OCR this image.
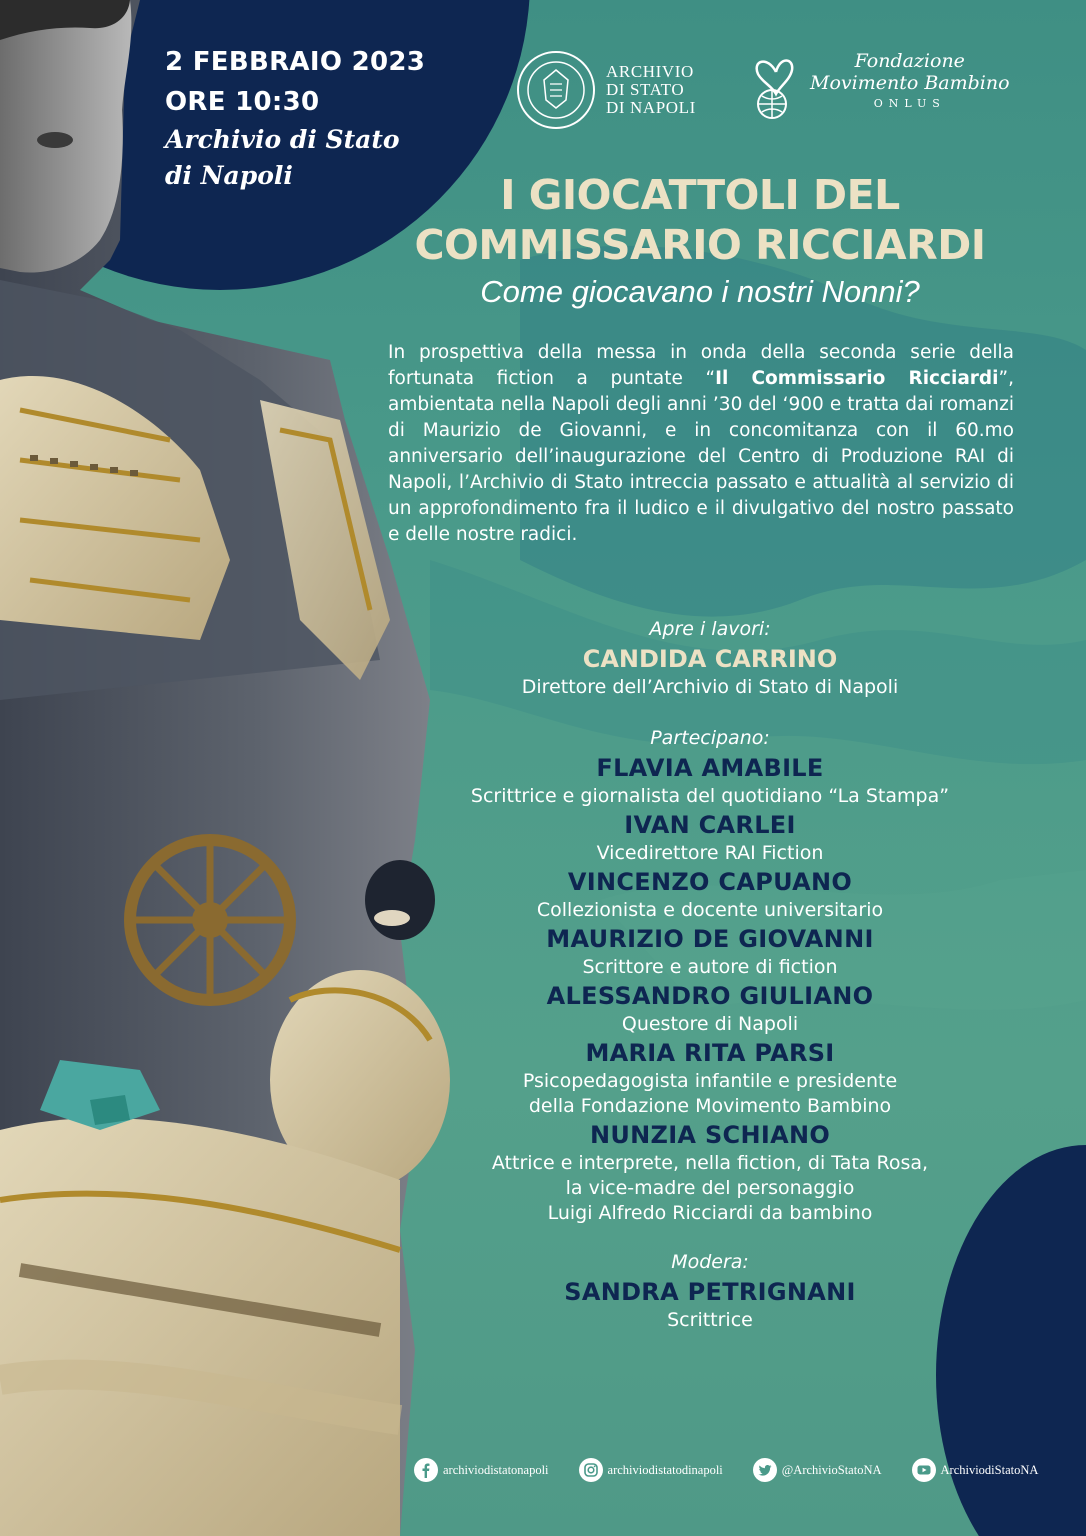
2 FEBBRAIO 2023
ORE 10:30
Archivio di Stato
di Napoli
ARCHIVIO
DI STATO
DI NAPOLI
Fondazione
Movimento Bambino
ONLUS
I GIOCATTOLI DEL
COMMISSARIO RICCIARDI
Come giocavano i nostri Nonni?
In prospettiva della messa in onda della seconda serie della fortunata fiction a puntate “Il Commissario Ricciardi”, ambientata nella Napoli degli anni ’30 del ‘900 e tratta dai romanzi di Maurizio de Giovanni, e in concomitanza con il 60.mo anniversario dell’inaugurazione del Centro di Produzione RAI di Napoli, l’Archivio di Stato intreccia passato e attualità al servizio di un approfondimento fra il ludico e il divulgativo del nostro passato e delle nostre radici.
Apre i lavori:
CANDIDA CARRINO
Direttore dell’Archivio di Stato di Napoli
Partecipano:
FLAVIA AMABILE
Scrittrice e giornalista del quotidiano “La Stampa”
IVAN CARLEI
Vicedirettore RAI Fiction
VINCENZO CAPUANO
Collezionista e docente universitario
MAURIZIO DE GIOVANNI
Scrittore e autore di fiction
ALESSANDRO GIULIANO
Questore di Napoli
MARIA RITA PARSI
Psicopedagogista infantile e presidente
della Fondazione Movimento Bambino
NUNZIA SCHIANO
Attrice e interprete, nella fiction, di Tata Rosa,
la vice-madre del personaggio
Luigi Alfredo Ricciardi da bambino
Modera:
SANDRA PETRIGNANI
Scrittrice
archiviodistatonapoli	archiviodistatodinapoli	@ArchivioStatoNA	ArchiviodiStatoNA
